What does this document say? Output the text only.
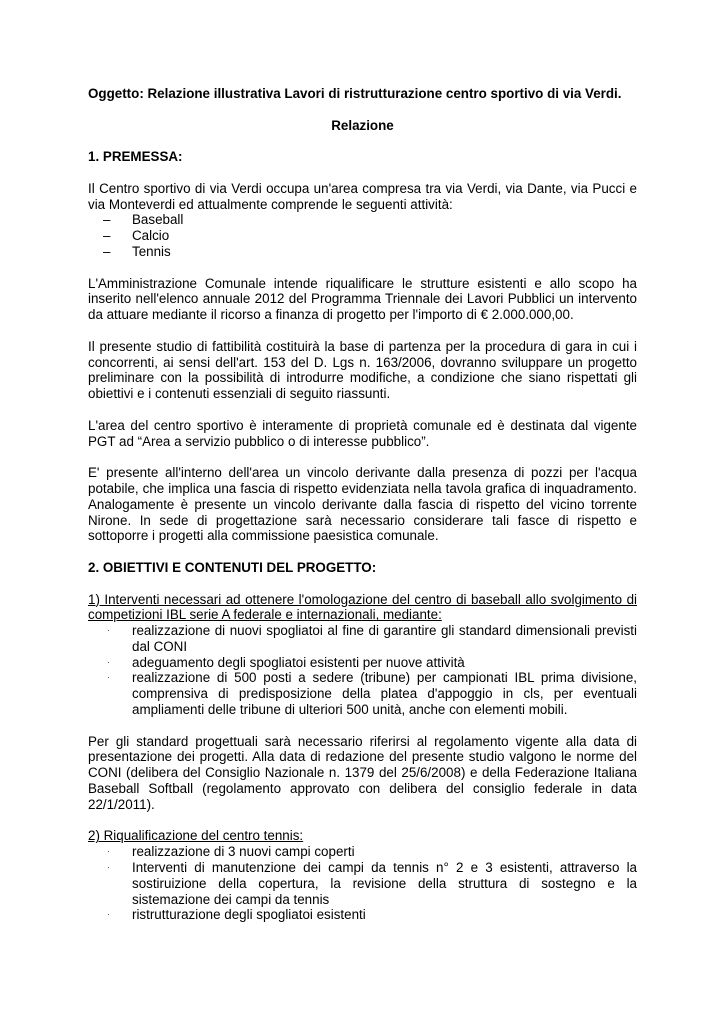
Oggetto: Relazione illustrativa Lavori di ristrutturazione centro sportivo di via Verdi.

Relazione

1. PREMESSA:

Il Centro sportivo di via Verdi occupa un'area compresa tra via Verdi, via Dante, via Pucci e via Monteverdi ed attualmente comprende le seguenti attività:

–	Baseball
–	Calcio
–	Tennis

L'Amministrazione Comunale intende riqualificare le strutture esistenti e allo scopo ha inserito nell'elenco annuale 2012 del Programma Triennale dei Lavori Pubblici un intervento da attuare mediante il ricorso a finanza di progetto per l'importo di € 2.000.000,00.

Il presente studio di fattibilità costituirà la base di partenza per la procedura di gara in cui i concorrenti, ai sensi dell'art. 153 del D. Lgs n. 163/2006, dovranno sviluppare un progetto preliminare con la possibilità di introdurre modifiche, a condizione che siano rispettati gli obiettivi e i contenuti essenziali di seguito riassunti.

L'area del centro sportivo è interamente di proprietà comunale ed è destinata dal vigente PGT ad “Area a servizio pubblico o di interesse pubblico”.

E' presente all'interno dell'area un vincolo derivante dalla presenza di pozzi per l'acqua potabile, che implica una fascia di rispetto evidenziata nella tavola grafica di inquadramento. Analogamente è presente un vincolo derivante dalla fascia di rispetto del vicino torrente Nirone. In sede di progettazione sarà necessario considerare tali fasce di rispetto e sottoporre i progetti alla commissione paesistica comunale.

2. OBIETTIVI E CONTENUTI DEL PROGETTO:

1) Interventi necessari ad ottenere l'omologazione del centro di baseball allo svolgimento di competizioni IBL serie A federale e internazionali, mediante:

· realizzazione di nuovi spogliatoi al fine di garantire gli standard dimensionali previsti dal CONI
· adeguamento degli spogliatoi esistenti per nuove attività
· realizzazione di 500 posti a sedere (tribune) per campionati IBL prima divisione, comprensiva di predisposizione della platea d'appoggio in cls, per eventuali ampliamenti delle tribune di ulteriori 500 unità, anche con elementi mobili.

Per gli standard progettuali sarà necessario riferirsi al regolamento vigente alla data di presentazione dei progetti. Alla data di redazione del presente studio valgono le norme del CONI (delibera del Consiglio Nazionale n. 1379 del 25/6/2008) e della Federazione Italiana Baseball Softball (regolamento approvato con delibera del consiglio federale in data 22/1/2011).

2) Riqualificazione del centro tennis:

· realizzazione di 3 nuovi campi coperti
· Interventi di manutenzione dei campi da tennis n° 2 e 3 esistenti, attraverso la sostiruizione della copertura, la revisione della struttura di sostegno e la sistemazione dei campi da tennis
· ristrutturazione degli spogliatoi esistenti
